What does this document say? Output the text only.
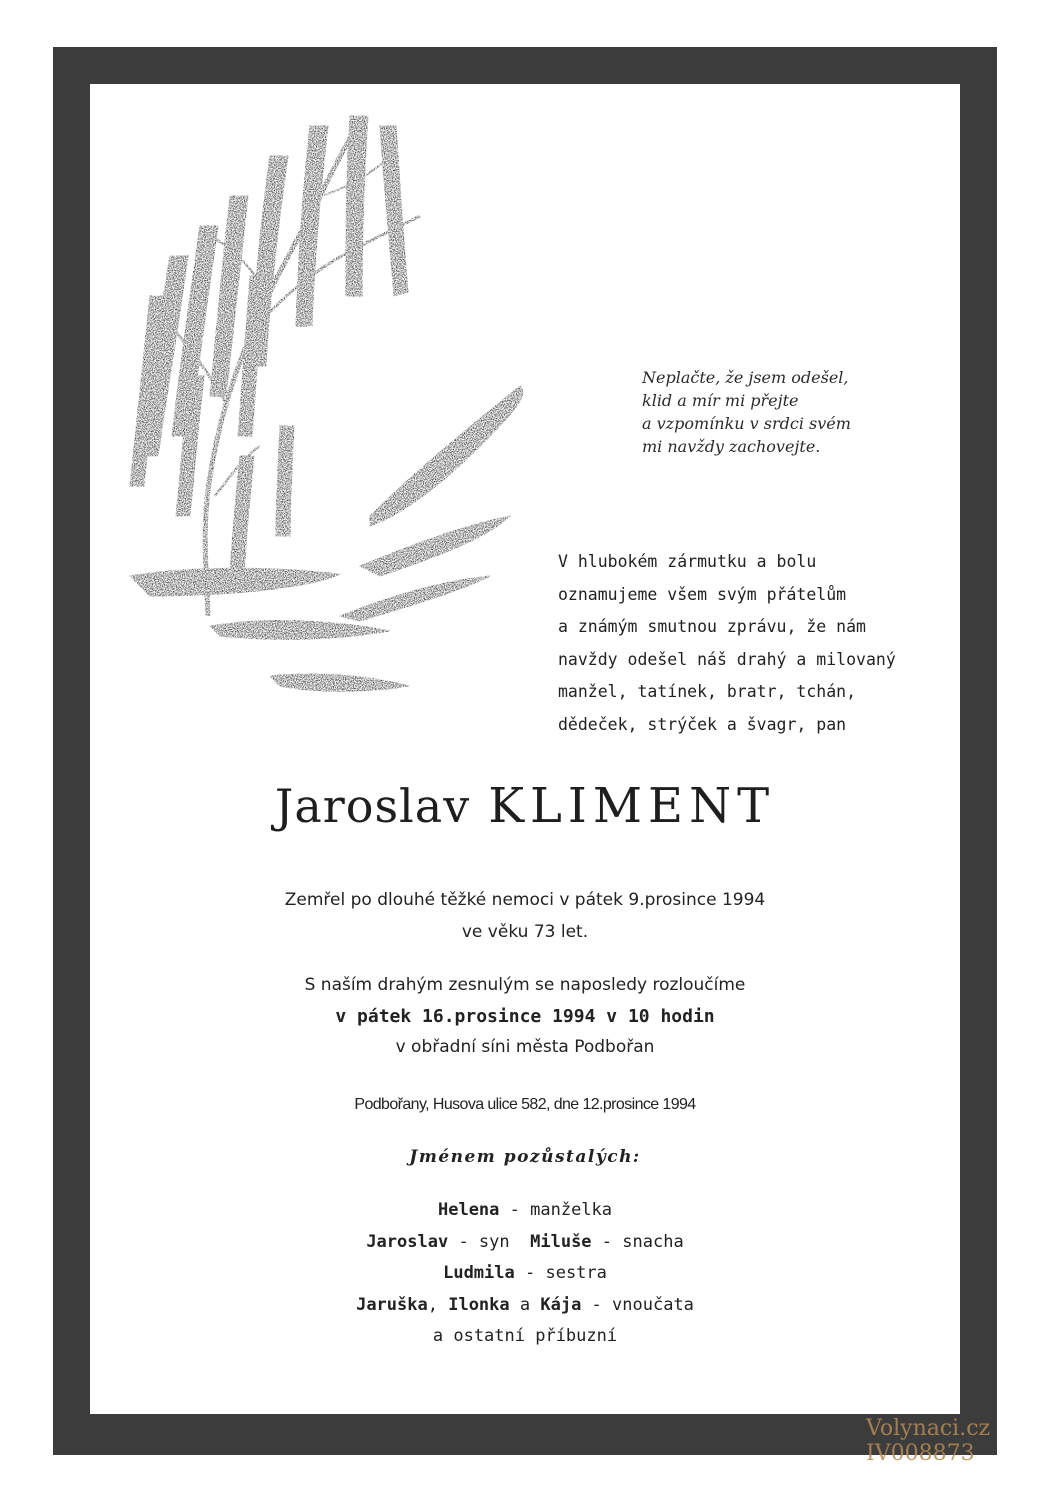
Neplačte, že jsem odešel,
klid a mír mi přejte
a vzpomínku v srdci svém
mi navždy zachovejte.
V hlubokém zármutku a bolu
oznamujeme všem svým přátelům
a známým smutnou zprávu, že nám
navždy odešel náš drahý a milovaný
manžel, tatínek, bratr, tchán,
dědeček, strýček a švagr, pan
Jaroslav KLIMENT
Zemřel po dlouhé těžké nemoci v pátek 9.prosince 1994
ve věku 73 let.
S naším drahým zesnulým se naposledy rozloučíme
v pátek 16.prosince 1994 v 10 hodin
v obřadní síni města Podbořan
Podbořany, Husova ulice 582, dne 12.prosince 1994
Jménem pozůstalých:
Helena - manželka
Jaroslav - syn Miluše - snacha
Ludmila - sestra
Jaruška, Ilonka a Kája - vnoučata
a ostatní příbuzní
Volynaci.cz
IV008873
